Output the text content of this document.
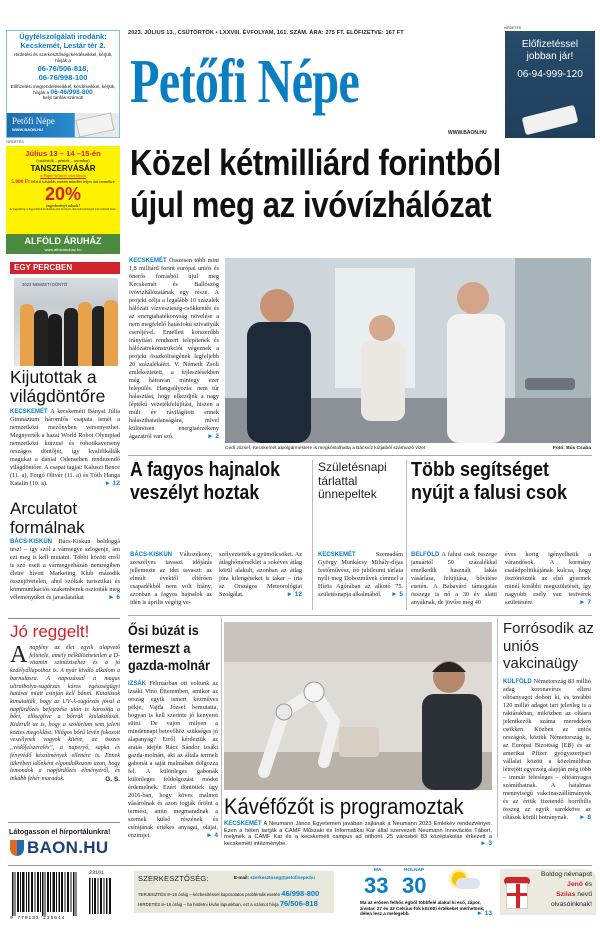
Ügyfélszolgálati irodánk:
Kecskemét, Lestár tér 2.
Hirdetési és szerkesztőségi kérdéseikkel, kérjük, hívják a
06-76/506-818,
06-76/998-100
Előfizetési megrendeléseikkel, kérdéseikkel, kérjük, hívják a 06-46/998-800
helyi tarifás számot!
Petőfi Népe
WWW.BAON.HU
HIRDETÉS
Július 13 – 14 –15-én
(csütörtök – péntek – szombat)
TANSZERVÁSÁR
a Papír-írószer osztályon
5.000 Ft feletti vásárlás esetén minden teljes árú termékre
20%
engedményt adunk!
Az engedmény a Jegyzettömb áruházban nem érvényes, más kedvezménnyel nem vonható össze.
ALFÖLD ÁRUHÁZ
www.alfoldaruhaz.hu
EGY PERCBEN
2023 NEMZETI DÖNTŐ
Kijutottak a világdöntőre
KECSKEMÉT A kecskeméti Bányai Júlia Gimnázium háromfős csapata ismét a nemzetközi mezőnyben versenyezhet. Megnyerték a hazai World Robot Olympiad nemzetközi kurzusi és robotikaverseny országos döntőjét, így kvalifikálták magukat a dániai Odenseben rendezendő világdöntőre. A csapat tagjai: Kaluszi Bence (11. a), Forgó Olivér (11. a) és Tóth Hanga Katalin (10. a).	► 12
Arculatot formálnak
BÁCS-KISKUN Bács-Kiskun boldoggá tesz! – így szól a vármegye szlogenje, ám ezt meg is kell mutatni. Többi között erről is szó esett a vármegyeházán nemrégiben életre hívott Marketing Klub második összejövetelén, ahol szóltak turisztikai és kommunikációs szakemberek osztották meg véleményüket és javaslataikat	► 6
2023. JÚLIUS 13., CSÜTÖRTÖK • LXXVIII. ÉVFOLYAM, 161. SZÁM. ÁRA: 275 FT. ELŐFIZETVE: 167 FT
Petőfi Népe
WWW.BAON.HU
HIRDETÉS
Előfizetéssel
jobban jár!
06-94-999-120
Közel kétmilliárd forintból
újul meg az ivóvízhálózat
KECSKEMÉT Összesen több mint 1,8 milliárd forint európai uniós és önerős forrásból újul meg Kecskemét és Ballószög ivóvízhálózatának egy része. A projekt célja a legalább 10 százalék hálózati vízveszteség-csökkentés és az energiahatékonyság növelése a nem megfelelő hatásfokú szivattyúk cseréjével. Emellett korszerűbb irányítási rendszert telepítenek és hálózatrekonstrukciót végeznek a projekt összköltségének legfeljebb 20 százalékáért. V. Németh Zsolt emlékeztetett, a fejlesztésekben még hátravan mintegy ezer település. Hangsúlyozta: nem tűr halasztást, hogy elkezdjék a nagy léptékű vezetékfelújítást, hiszen a múlt év rávilágított ennek halaszthatatlanságára, mivel különösen energiaérzékeny ágazatról van szó.	► 2
Cedl József, Kecskemét alpolgármestere is megkóstolhatta a Bácsvíz kútjaiból származó vizet	Fotó: Bús Csaba
A fagyos hajnalok
veszélyt hoztak
BÁCS-KISKUN Változékony, szeszélyes tavaszi időjárás jellemezte az idei tavaszt: az elmúlt évektől eltérően csapadékból nem volt hiány, azonban a fagyos hajnalok az idén is április végéig ve-
szélyeztették a gyümölcsöket. Az átlaghőmérséklet a sokéves átlag körül alakult, azonban az átlag jóra kilengéseket is takar – írta az Országos Meteorológiai Szolgálat.	► 12
Születésnapi tárlattal ünnepeltek
KECSKEMÉT	Szemadám György Munkácsy Mihály-díjas festőművész, író jubileumi tárlata nyílt meg Dobozművek címmel a Hírös Agórában az alkotó 75. születésnapja alkalmából. ► 5
Több segítséget
nyújt a falusi csok
BELFÖLD A falusi csok összege januártól 50 százalékkal emelkedik használt lakás vásárlása, felújítása, bővítése esetén. A Babaváró támogatás összege is nő a 30 év alatti anyáknak, de jövőre még 40
éves korig igényelhetik a várandósok. A kormány családpolitikájának kulcsa, hogy ösztönözzék az első gyermek minél korábbi megszületését, így nagyobb esély van testvérek születésére.	► 7
Jó reggelt!
Anapfény az élet egyik alapvető feltétele, amely nélkülözhetetlen a D-vitamin szintéziséhez és a jó kedélyállapothoz is. A nyár kiváló alkalom a barnulásra. A napozással a magas ultraibolya-sugárzás káros egészségügyi hatásai miatt csínján kell bánni. Kutatások kimutatták, hogy az UV-A-sugárzás jóval a napfürdőzés befejezése után is károsítja a bőrt, elősegítve a bőrrák kialakulását. Kiderült az is, hogy a szolárium sem jelent köztes megoldást. Világos bőrű lévén fokozott veszélynek vagyok kitéve, az összes „védőfelszerelés”, a naperyő, sapka és fényvédő készítmények ellenére is. Ennek tükrében időnként elgondolkozom azon, hogy lemondok a napfürdőzés élményéről, és inkább fehér maradok.	G. S.
Látogasson el hírportálunkra!
BAON.HU
Ősi búzát is
termeszt a
gazda-molnár
IZSÁK Februárban ott voltunk az izsáki Vino Étteremben, amikor az ország egyik ismert kézműves pékje, Vajda József bemutatta, hogyan is kell szerinte jó kenyeret sütni. De vajon milyen a mindennapi betevőhöz szükséges jó alapanyag? Erről kérdeztük az aratás idején Rácz Sándor izsáki gazda-molnárt, aki az általa termelt gabonát a saját malmában dolgozza fel. A különleges gabonák különleges feldolgozási módot érdemelnek. Ezért döntöttek úgy 2016-ban, hogy köves malmot vásárolnak és azon fogják őrölni a termést, amin megmaradnak a szemek külső részének és csírájának értékes anyagai, olajai, enzimjei.	► 4
Kávéfőzőt is programoztak
KECSKEMÉT A Neumann János Egyetemen javában zajlanak a Neumann 2023 Emlékév rendezvényei. Ezen a héten tartják a CAMF Műszaki és Informatikai Kar által szervezett Neumann Innovációs Tábort, melynek a CAMF Kar és a kecskeméti campus ad otthont. 25 városból 83 középiskolás érkezett a kecskeméti intézménybe.	► 3
Forrósodik az uniós vakcinaügy
KÜLFÖLD Németország 83 millió adag koronavírus elleni oltóanyagot dobott ki, és további 120 millió adagot tart jelenleg is a raktárakban, miközben az oltásra jelentkezők száma meredeken csökken. Közben az uniós országok, köztük Németország is, az Európai Bizottság (EB) és az amerikai Pfizer gyógyszeripari vállalat között a közelmúltban létrejött egyezség alapján még több – immár felesleges – oltóanyagra számíthatnak. A hatalmas mennyiségű vakcinaszállítmányok és az értük fizetendő horribilis összeg az egyik sarokköve az oltások körüli botránynak. ► 8
23161
9 770133 235044
SZERKESZTŐSÉG:	E-mail: szerkesztoseg@petofinepe.hu
TERJESZTÉS 8–16 óráig – kézbesítéssel kapcsolatos problémák esetén 46/998-800
HIRDETÉS 8–16 óráig – ha hirdetni kíván lapunkban, ezt a számot hívja 76/506-818
MA
33
HOLNAP
30
Ma az erősen felhős égből többfelé alakul ki eső, zápor, zivatar. 27 és 33 Celsius-fok közötti értékeket mérhetünk, délen lesz a melegebb.	► 13
Boldog névnapot
Jenő és
Szilas nevű
olvasóinknak!
